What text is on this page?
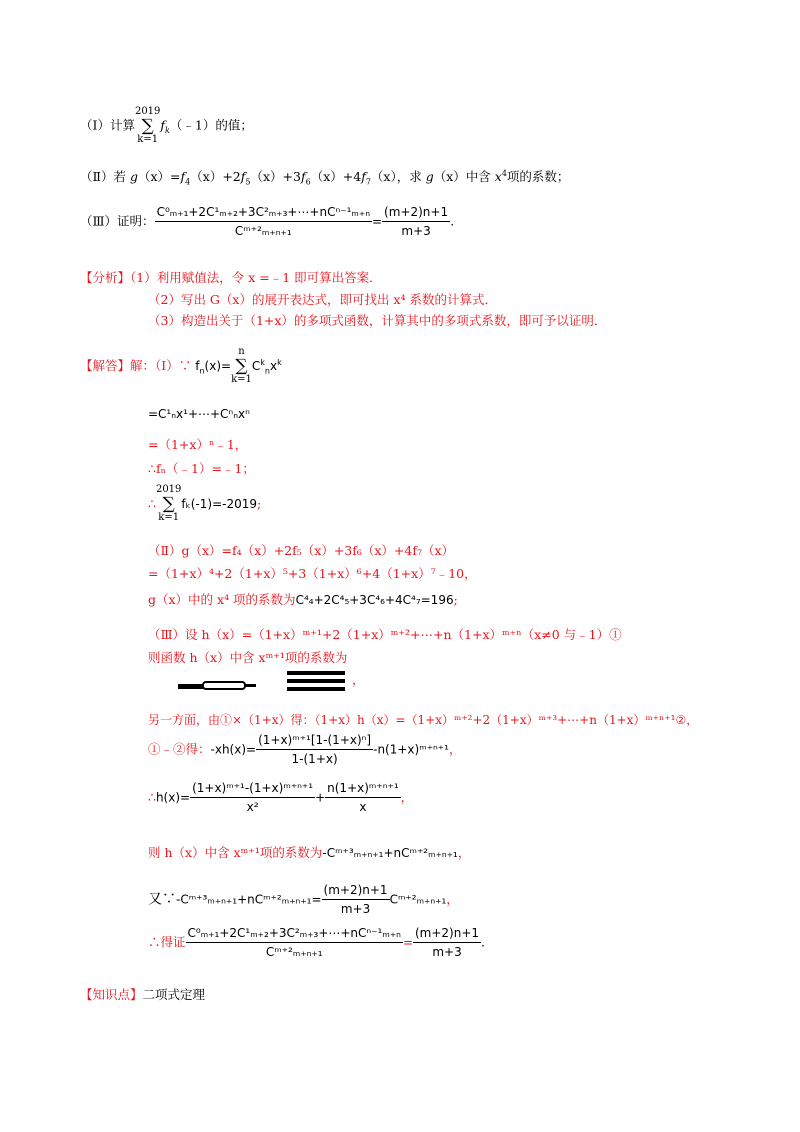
（Ⅰ）计算
2019
∑
k=1
$f_k(﹣1)$的值；
（Ⅱ）若 $g(x)=f_4(x)+2f_5(x)+3f_6(x)+4f_7(x)$，求 g（x）中含 $x^4$项的系数；
（Ⅲ）证明： $\frac{\text{C⁰ₘ₊₁+2C¹ₘ₊₂+3C²ₘ₊₃+⋯+nCⁿ⁻¹ₘ₊ₙ}}{\text{Cᵐ⁺²ₘ₊ₙ₊₁}} = \frac{(m+2)n+1}{m+3}$ .
【分析】（1）利用赋值法，令 x =﹣1 即可算出答案．
（2）写出 G（x）的展开表达式，即可找出 x⁴ 系数的计算式．
（3）构造出关于（1+x）的多项式函数，计算其中的多项式系数，即可予以证明．
【解答】解：（Ⅰ）∵ $f_n(x)=$
n
∑
k=1
$C^k_nx^k$
=C¹ₙx¹+⋯+Cⁿₙxⁿ
=（1+x）ⁿ﹣1，
∴fₙ（﹣1）=﹣1；
∴
2019
∑
k=1
fₖ(-1)=-2019;
（Ⅱ）g（x）=f₄（x）+2f₅（x）+3f₆（x）+4f₇（x）
=（1+x）⁴+2（1+x）⁵+3（1+x）⁶+4（1+x）⁷﹣10，
g（x）中的 x⁴ 项的系数为C⁴₄+2C⁴₅+3C⁴₆+4C⁴₇=196;
（Ⅲ）设 h（x）=（1+x）ᵐ⁺¹+2（1+x）ᵐ⁺²+⋯+n（1+x）ᵐ⁺ⁿ（x≠0 与﹣1）①
则函数 h（x）中含 xᵐ⁺¹项的系数为
，
另一方面，由①×（1+x）得：（1+x）h（x）=（1+x）ᵐ⁺²+2（1+x）ᵐ⁺³+⋯+n（1+x）ᵐ⁺ⁿ⁺¹②，
①﹣②得：$-xh(x)= \frac{\text{(1+x)ᵐ⁺¹[1-(1+x)ⁿ]}}{1-(1+x)}$ -n(1+x)ᵐ⁺ⁿ⁺¹，
∴h(x)= $\frac{\text{(1+x)ᵐ⁺¹-(1+x)ᵐ⁺ⁿ⁺¹}}{\text{x²}} + \frac{\text{n(1+x)ᵐ⁺ⁿ⁺¹}}{x}$ ，
则 h（x）中含 xᵐ⁺¹项的系数为-Cᵐ⁺³ₘ₊ₙ₊₁+nCᵐ⁺²ₘ₊ₙ₊₁，
又∵-Cᵐ⁺³ₘ₊ₙ₊₁+nCᵐ⁺²ₘ₊ₙ₊₁= $\frac{(m+2)n+1}{m+3}$ Cᵐ⁺²ₘ₊ₙ₊₁，
∴得证 $\frac{\text{C⁰ₘ₊₁+2C¹ₘ₊₂+3C²ₘ₊₃+⋯+nCⁿ⁻¹ₘ₊ₙ}}{\text{Cᵐ⁺²ₘ₊ₙ₊₁}} = \frac{(m+2)n+1}{m+3}$ .
【知识点】二项式定理
